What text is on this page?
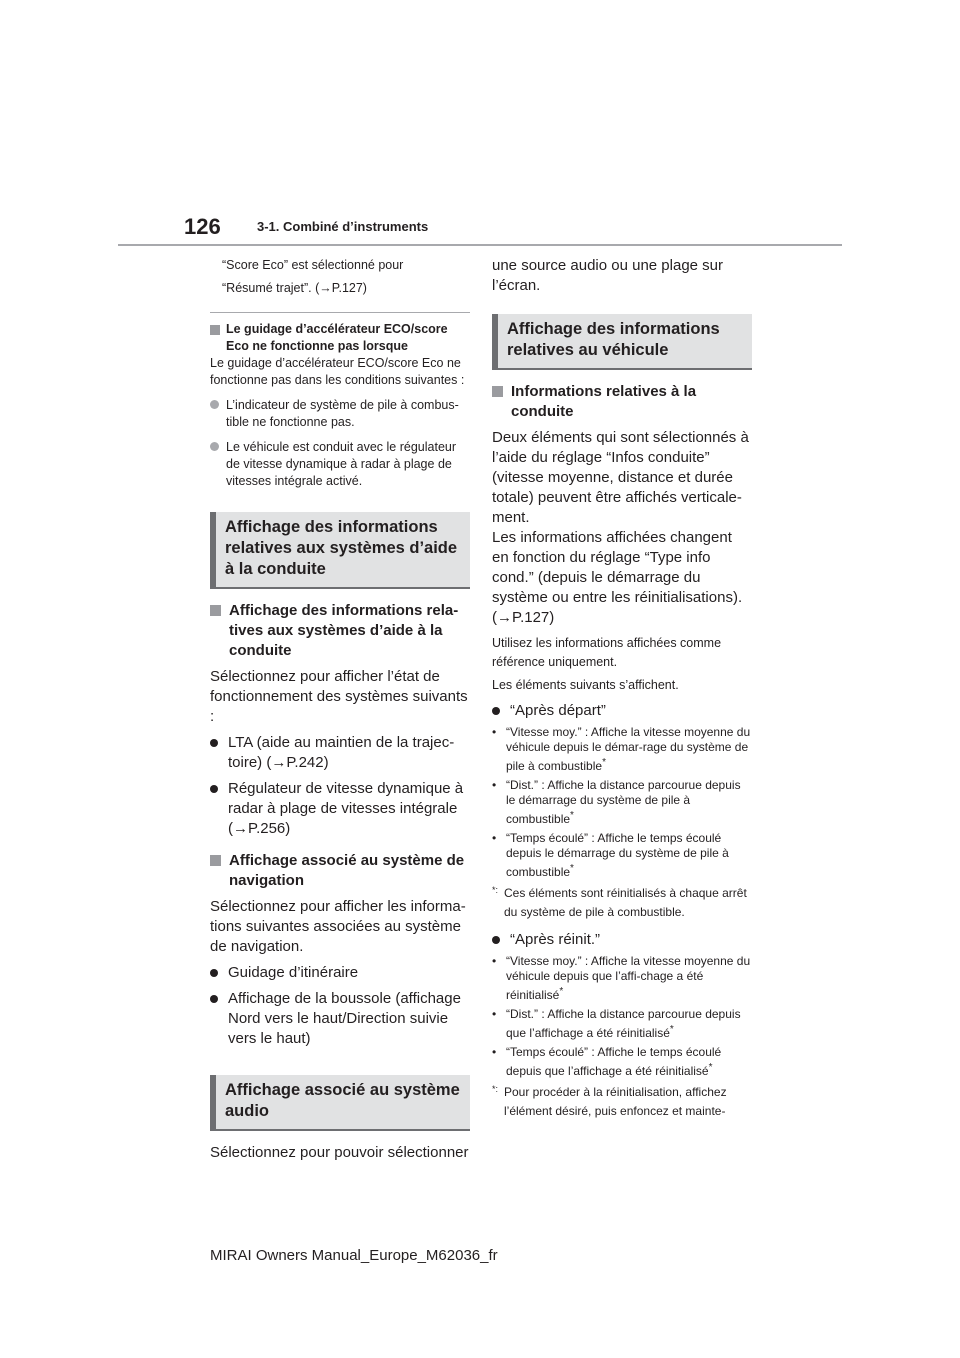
126	3-1. Combiné d’instruments
“Score Eco” est sélectionné pour
“Résumé trajet”. (→P.127)
Le guidage d’accélérateur ECO/score Eco ne fonctionne pas lorsque
Le guidage d’accélérateur ECO/score Eco ne fonctionne pas dans les conditions suivantes :
L’indicateur de système de pile à combus-tible ne fonctionne pas.
Le véhicule est conduit avec le régulateur de vitesse dynamique à radar à plage de vitesses intégrale activé.
Affichage des informations relatives aux systèmes d’aide à la conduite
Affichage des informations rela-tives aux systèmes d’aide à la conduite
Sélectionnez pour afficher l’état de fonctionnement des systèmes suivants :
LTA (aide au maintien de la trajec-toire) (→P.242)
Régulateur de vitesse dynamique à radar à plage de vitesses intégrale (→P.256)
Affichage associé au système de navigation
Sélectionnez pour afficher les informa-tions suivantes associées au système de navigation.
Guidage d’itinéraire
Affichage de la boussole (affichage Nord vers le haut/Direction suivie vers le haut)
Affichage associé au système audio
Sélectionnez pour pouvoir sélectionner
une source audio ou une plage sur l’écran.
Affichage des informations relatives au véhicule
Informations relatives à la conduite
Deux éléments qui sont sélectionnés à l’aide du réglage “Infos conduite” (vitesse moyenne, distance et durée totale) peuvent être affichés verticale-ment.
Les informations affichées changent en fonction du réglage “Type info cond.” (depuis le démarrage du système ou entre les réinitialisations). (→P.127)
Utilisez les informations affichées comme référence uniquement.
Les éléments suivants s’affichent.
“Après départ”
• “Vitesse moy.” : Affiche la vitesse moyenne du véhicule depuis le démar-rage du système de pile à combustible*
• “Dist.” : Affiche la distance parcourue depuis le démarrage du système de pile à combustible*
• “Temps écoulé” : Affiche le temps écoulé depuis le démarrage du système de pile à combustible*
*: Ces éléments sont réinitialisés à chaque arrêt du système de pile à combustible.
“Après réinit.”
• “Vitesse moy.” : Affiche la vitesse moyenne du véhicule depuis que l’affi-chage a été réinitialisé*
• “Dist.” : Affiche la distance parcourue depuis que l’affichage a été réinitialisé*
• “Temps écoulé” : Affiche le temps écoulé depuis que l’affichage a été réinitialisé*
*: Pour procéder à la réinitialisation, affichez l’élément désiré, puis enfoncez et mainte-
MIRAI Owners Manual_Europe_M62036_fr
